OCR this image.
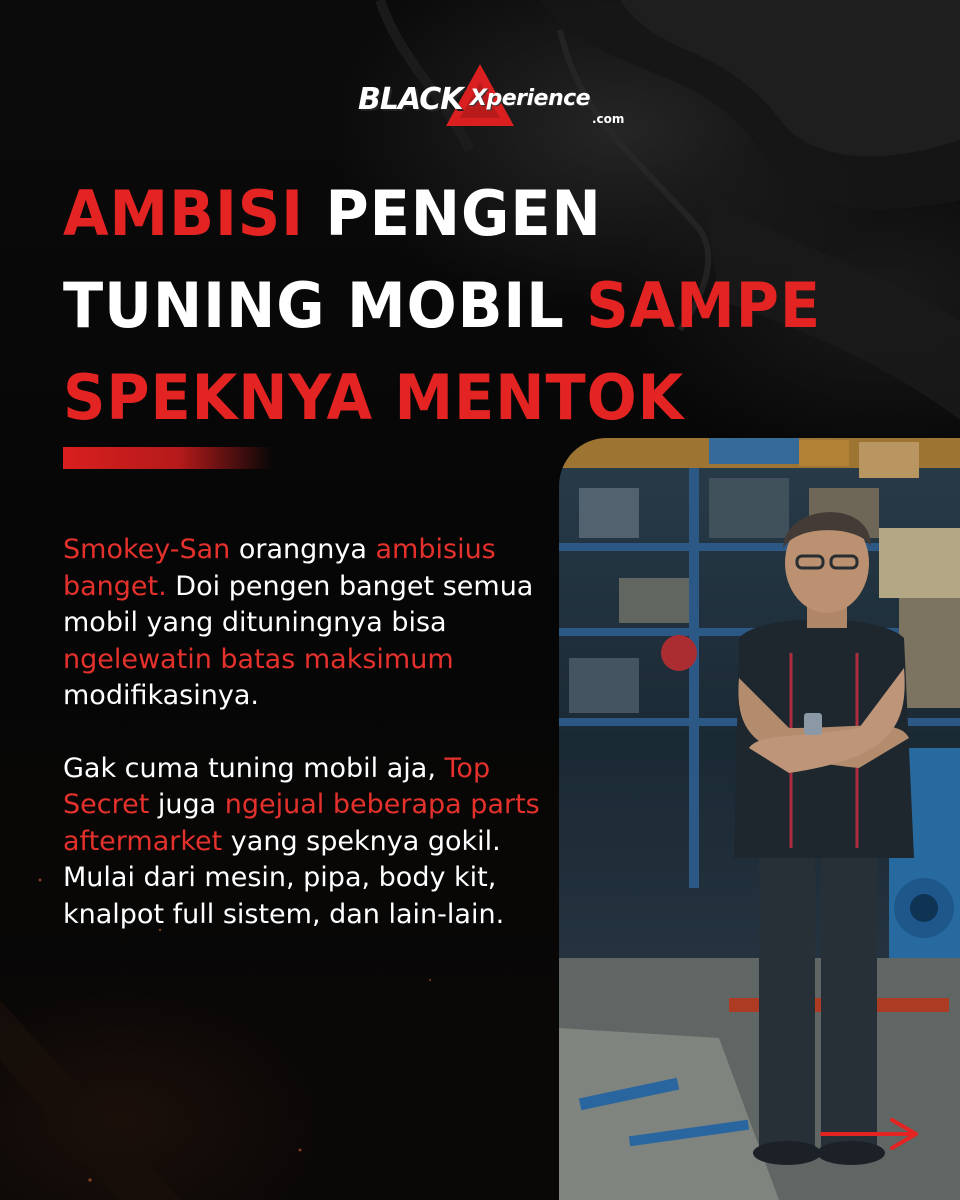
BLACK Xperience
.com
AMBISI PENGEN
TUNING MOBIL SAMPE
SPEKNYA MENTOK

Smokey-San orangnya ambisius banget. Doi pengen banget semua mobil yang dituningnya bisa ngelewatin batas maksimum modifikasinya.

Gak cuma tuning mobil aja, Top Secret juga ngejual beberapa parts aftermarket yang speknya gokil. Mulai dari mesin, pipa, body kit, knalpot full sistem, dan lain-lain.
